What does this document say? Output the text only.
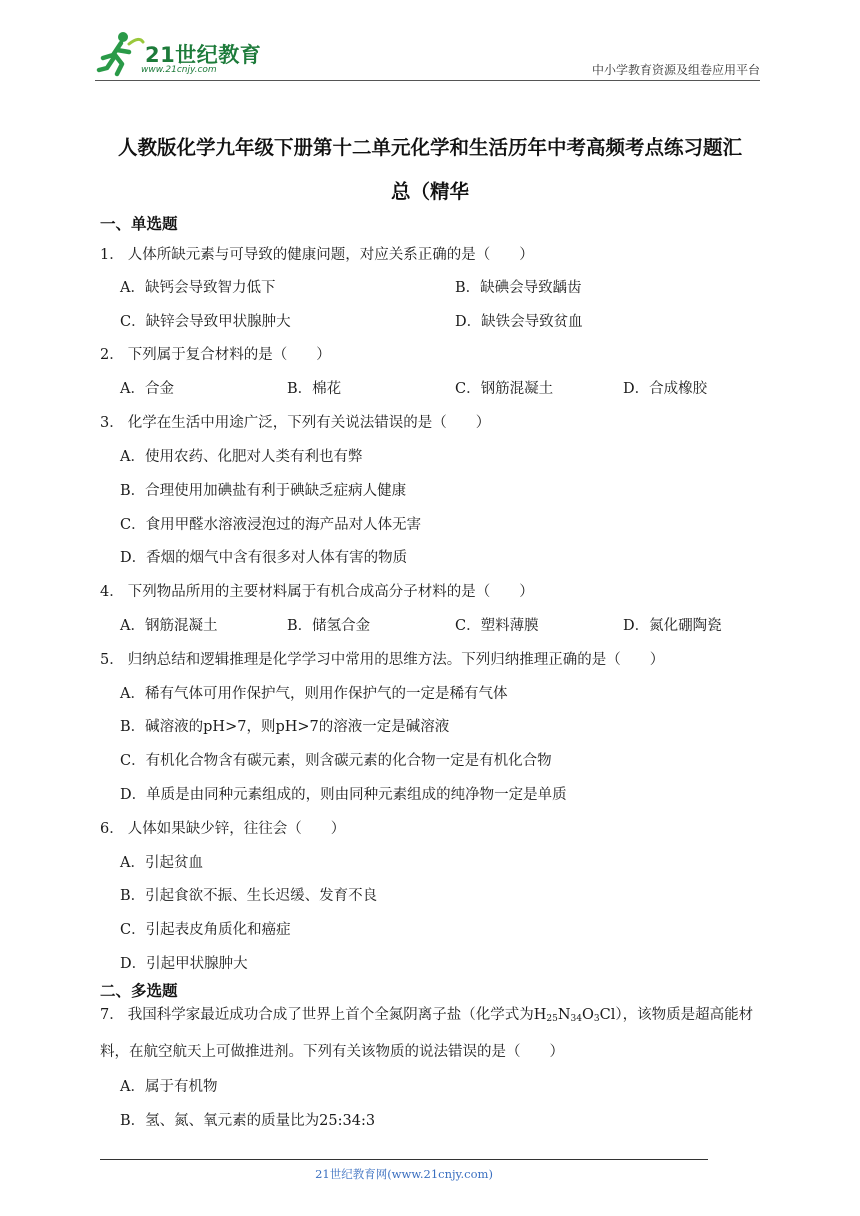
21世纪教育
www.21cnjy.com	中小学教育资源及组卷应用平台
人教版化学九年级下册第十二单元化学和生活历年中考高频考点练习题汇
总（精华
一、单选题
1． 人体所缺元素与可导致的健康问题，对应关系正确的是（　　）
A．缺钙会导致智力低下	B．缺碘会导致龋齿
C．缺锌会导致甲状腺肿大	D．缺铁会导致贫血
2． 下列属于复合材料的是（　　）
A．合金	B．棉花	C．钢筋混凝土	D．合成橡胶
3． 化学在生活中用途广泛，下列有关说法错误的是（　　）
A．使用农药、化肥对人类有利也有弊
B．合理使用加碘盐有利于碘缺乏症病人健康
C．食用甲醛水溶液浸泡过的海产品对人体无害
D．香烟的烟气中含有很多对人体有害的物质
4． 下列物品所用的主要材料属于有机合成高分子材料的是（　　）
A．钢筋混凝土	B．储氢合金	C．塑料薄膜	D．氮化硼陶瓷
5． 归纳总结和逻辑推理是化学学习中常用的思维方法。下列归纳推理正确的是（　　）
A．稀有气体可用作保护气，则用作保护气的一定是稀有气体
B．碱溶液的pH>7，则pH>7的溶液一定是碱溶液
C．有机化合物含有碳元素，则含碳元素的化合物一定是有机化合物
D．单质是由同种元素组成的，则由同种元素组成的纯净物一定是单质
6． 人体如果缺少锌，往往会（　　）
A．引起贫血
B．引起食欲不振、生长迟缓、发育不良
C．引起表皮角质化和癌症
D．引起甲状腺肿大
二、多选题
7． 我国科学家最近成功合成了世界上首个全氮阴离子盐（化学式为$H_{25}N_{34}O_3Cl$），该物质是超高能材料，在航空航天上可做推进剂。下列有关该物质的说法错误的是（　　）
A．属于有机物
B．氢、氮、氧元素的质量比为25:34:3
21世纪教育网(www.21cnjy.com)
